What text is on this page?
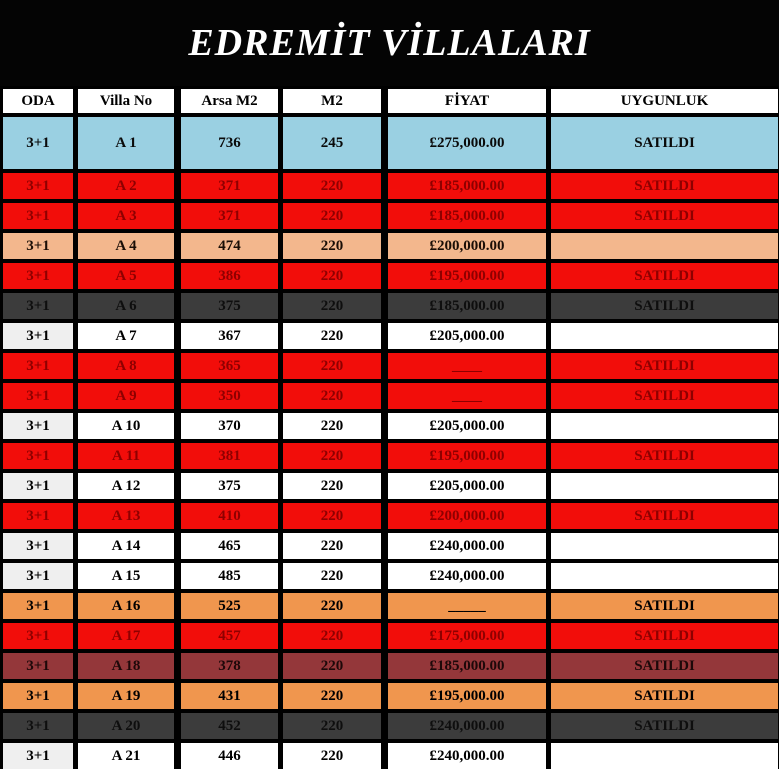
EDREMİT VİLLALARI
ODA	Villa No	Arsa M2	M2	FİYAT	UYGUNLUK
3+1	A 1	736	245	£275,000.00	SATILDI
3+1	A 2	371	220	£185,000.00	SATILDI
3+1	A 3	371	220	£185,000.00	SATILDI
3+1	A 4	474	220	£200,000.00
3+1	A 5	386	220	£195,000.00	SATILDI
3+1	A 6	375	220	£185,000.00	SATILDI
3+1	A 7	367	220	£205,000.00
3+1	A 8	365	220	____	SATILDI
3+1	A 9	350	220	____	SATILDI
3+1	A 10	370	220	£205,000.00
3+1	A 11	381	220	£195,000.00	SATILDI
3+1	A 12	375	220	£205,000.00
3+1	A 13	410	220	£200,000.00	SATILDI
3+1	A 14	465	220	£240,000.00
3+1	A 15	485	220	£240,000.00
3+1	A 16	525	220	_____	SATILDI
3+1	A 17	457	220	£175,000.00	SATILDI
3+1	A 18	378	220	£185,000.00	SATILDI
3+1	A 19	431	220	£195,000.00	SATILDI
3+1	A 20	452	220	£240,000.00	SATILDI
3+1	A 21	446	220	£240,000.00
